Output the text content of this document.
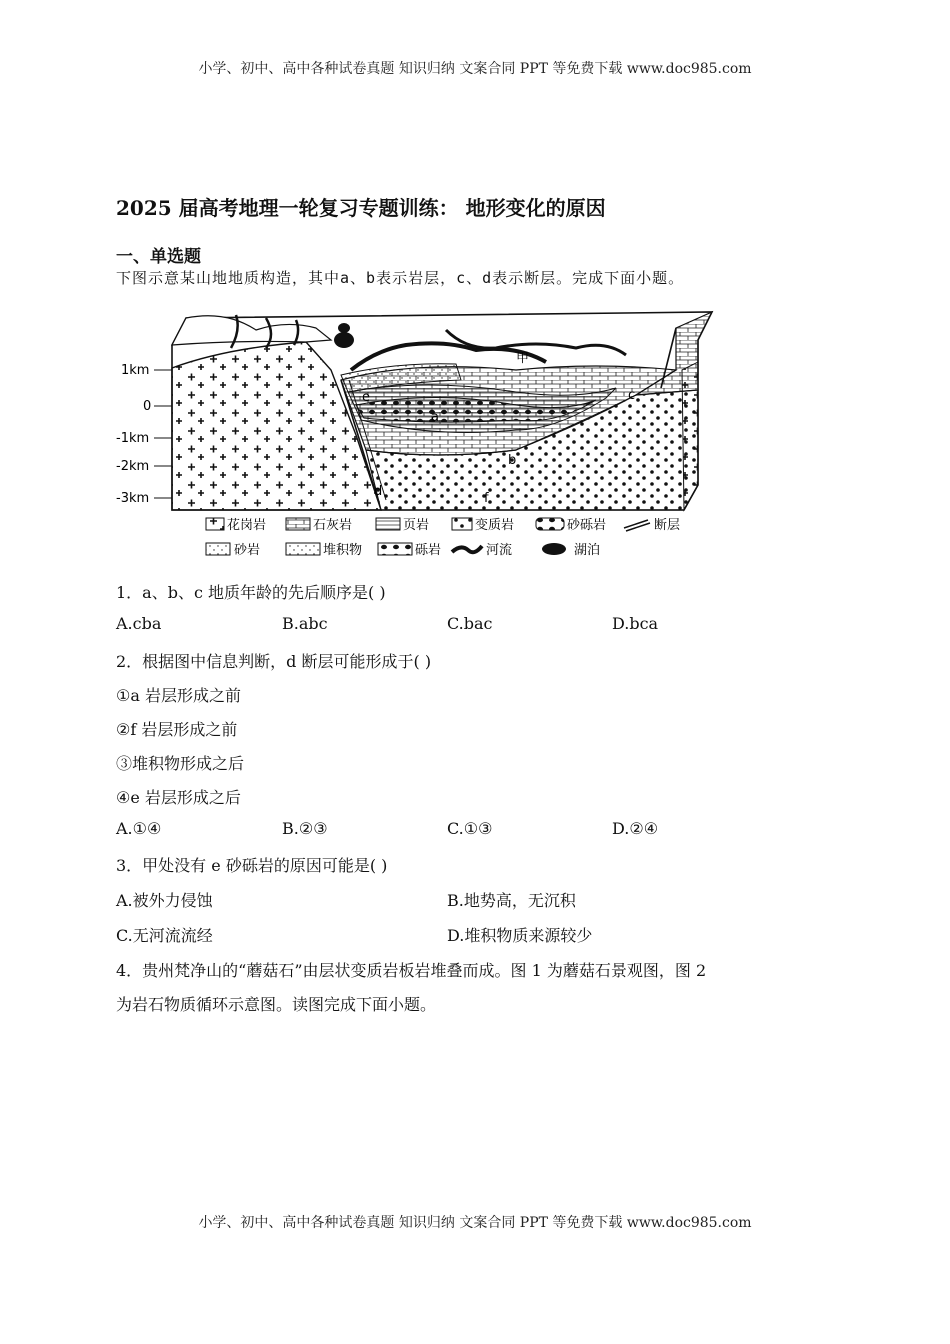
小学、初中、高中各种试卷真题 知识归纳 文案合同 PPT 等免费下载 www.doc985.com
2025 届高考地理一轮复习专题训练： 地形变化的原因
一、单选题
下图示意某山地地质构造，其中a、b表示岩层，c、d表示断层。完成下面小题。
1km
0
-1km
-2km
-3km
甲
a
b
c
d
e
f
花岗岩	石灰岩	页岩	变质岩	砂砾岩	断层
砂岩	堆积物	砾岩	河流	湖泊
1．a、b、c 地质年龄的先后顺序是( )
A.cba	B.abc	C.bac	D.bca
2．根据图中信息判断，d 断层可能形成于( )
①a 岩层形成之前
②f 岩层形成之前
③堆积物形成之后
④e 岩层形成之后
A.①④	B.②③	C.①③	D.②④
3．甲处没有 e 砂砾岩的原因可能是( )
A.被外力侵蚀	B.地势高，无沉积
C.无河流流经	D.堆积物质来源较少
4．贵州梵净山的“蘑菇石”由层状变质岩板岩堆叠而成。图 1 为蘑菇石景观图，图 2
为岩石物质循环示意图。读图完成下面小题。
小学、初中、高中各种试卷真题 知识归纳 文案合同 PPT 等免费下载 www.doc985.com
